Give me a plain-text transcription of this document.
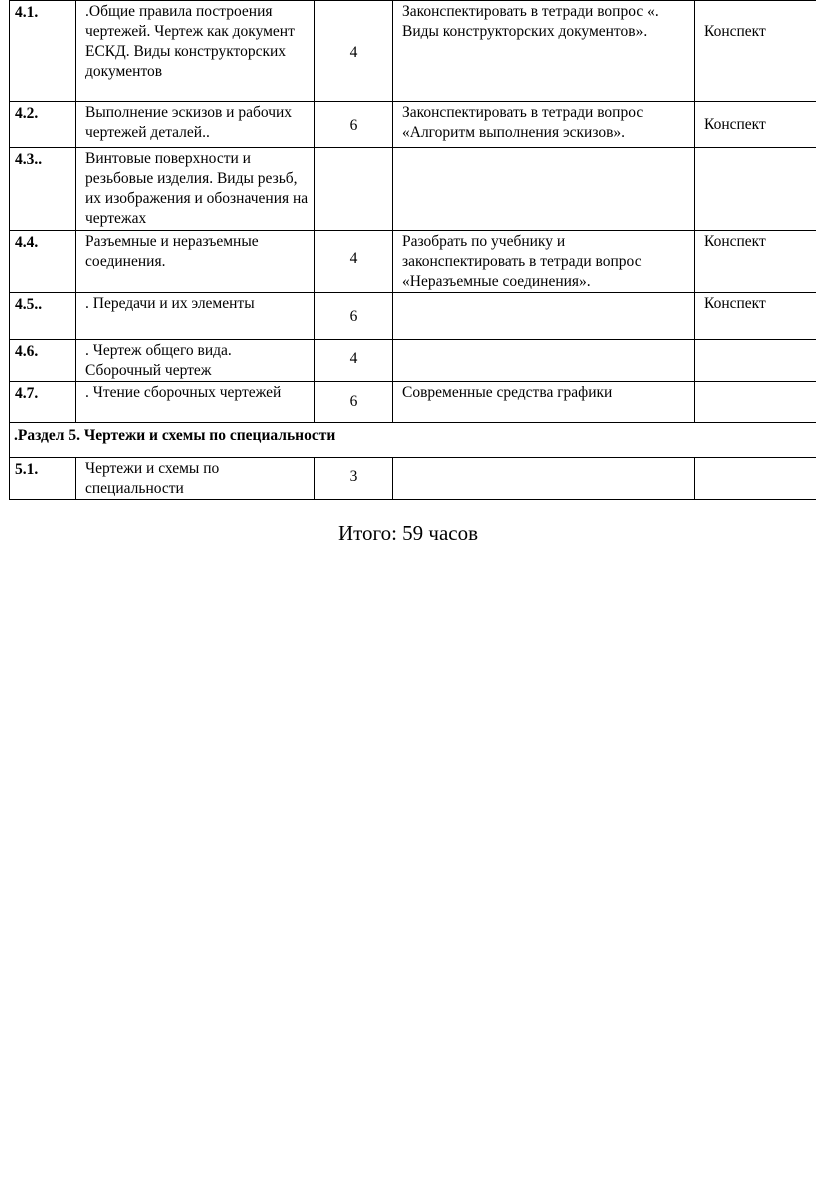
4.1.	.Общие правила построения чертежей. Чертеж как документ ЕСКД. Виды конструкторских документов	4	Законспектировать в тетради вопрос «. Виды конструкторских документов».	Конспект

4.2.	Выполнение эскизов и рабочих чертежей деталей..	6	Законспектировать в тетради вопрос «Алгоритм выполнения эскизов».	Конспект

4.3..	Винтовые поверхности и резьбовые изделия. Виды резьб, их изображения и обозначения на чертежах			
4.4.	Разъемные и неразъемные соединения.	4	Разобрать по учебнику и законспектировать в тетради вопрос «Неразъемные соединения».	Конспект
4.5..	. Передачи и их элементы	6		Конспект
4.6.	. Чертеж общего вида. Сборочный чертеж	4		

4.7.	. Чтение сборочных чертежей	6	Современные средства графики	
.Раздел 5. Чертежи и схемы по специальности				
5.1.	Чертежи и схемы по специальности	3		

Итого: 59 часов
